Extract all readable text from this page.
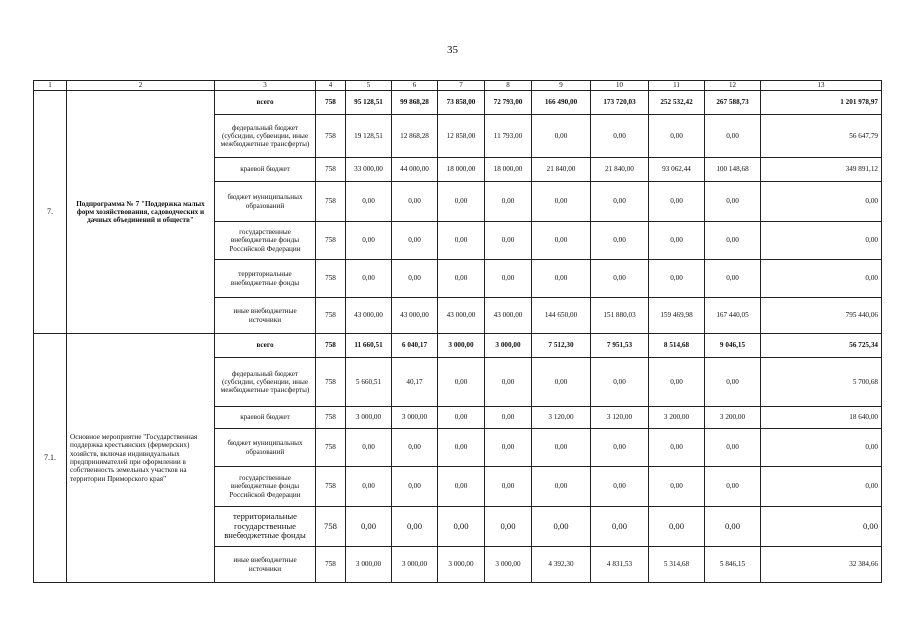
35
1	2	3	4	5	6	7	8	9	10	11	12	13
7.	Подпрограмма № 7 "Поддержка малых форм хозяйствования, садоводческих и дачных объединений и обществ"	всего	758	95 128,51	99 868,28	73 858,00	72 793,00	166 490,00	173 720,03	252 532,42	267 588,73	1 201 978,97
		федеральный бюджет (субсидии, субвенции, иные межбюджетные трансферты)	758	19 128,51	12 868,28	12 858,00	11 793,00	0,00	0,00	0,00	0,00	56 647,79
		краевой бюджет	758	33 000,00	44 000,00	18 000,00	18 000,00	21 840,00	21 840,00	93 062,44	100 148,68	349 891,12
		бюджет муниципальных образований	758	0,00	0,00	0,00	0,00	0,00	0,00	0,00	0,00	0,00
		государственные внебюджетные фонды Российской Федерации	758	0,00	0,00	0,00	0,00	0,00	0,00	0,00	0,00	0,00
		территориальные внебюджетные фонды	758	0,00	0,00	0,00	0,00	0,00	0,00	0,00	0,00	0,00
		иные внебюджетные источники	758	43 000,00	43 000,00	43 000,00	43 000,00	144 650,00	151 880,03	159 469,98	167 440,05	795 440,06
7.1.	Основное мероприятие "Государственная поддержка крестьянских (фермерских) хозяйств, включая индивидуальных предпринимателей при оформлении в собственность земельных участков на территории Приморского края"	всего	758	11 660,51	6 040,17	3 000,00	3 000,00	7 512,30	7 951,53	8 514,68	9 046,15	56 725,34
		федеральный бюджет (субсидии, субвенции, иные межбюджетные трансферты)	758	5 660,51	40,17	0,00	0,00	0,00	0,00	0,00	0,00	5 700,68
		краевой бюджет	758	3 000,00	3 000,00	0,00	0,00	3 120,00	3 120,00	3 200,00	3 200,00	18 640,00
		бюджет муниципальных образований	758	0,00	0,00	0,00	0,00	0,00	0,00	0,00	0,00	0,00
		государственные внебюджетные фонды Российской Федерации	758	0,00	0,00	0,00	0,00	0,00	0,00	0,00	0,00	0,00
		территориальные государственные внебюджетные фонды	758	0,00	0,00	0,00	0,00	0,00	0,00	0,00	0,00	0,00
		иные внебюджетные источники	758	3 000,00	3 000,00	3 000,00	3 000,00	4 392,30	4 831,53	5 314,68	5 846,15	32 384,66
